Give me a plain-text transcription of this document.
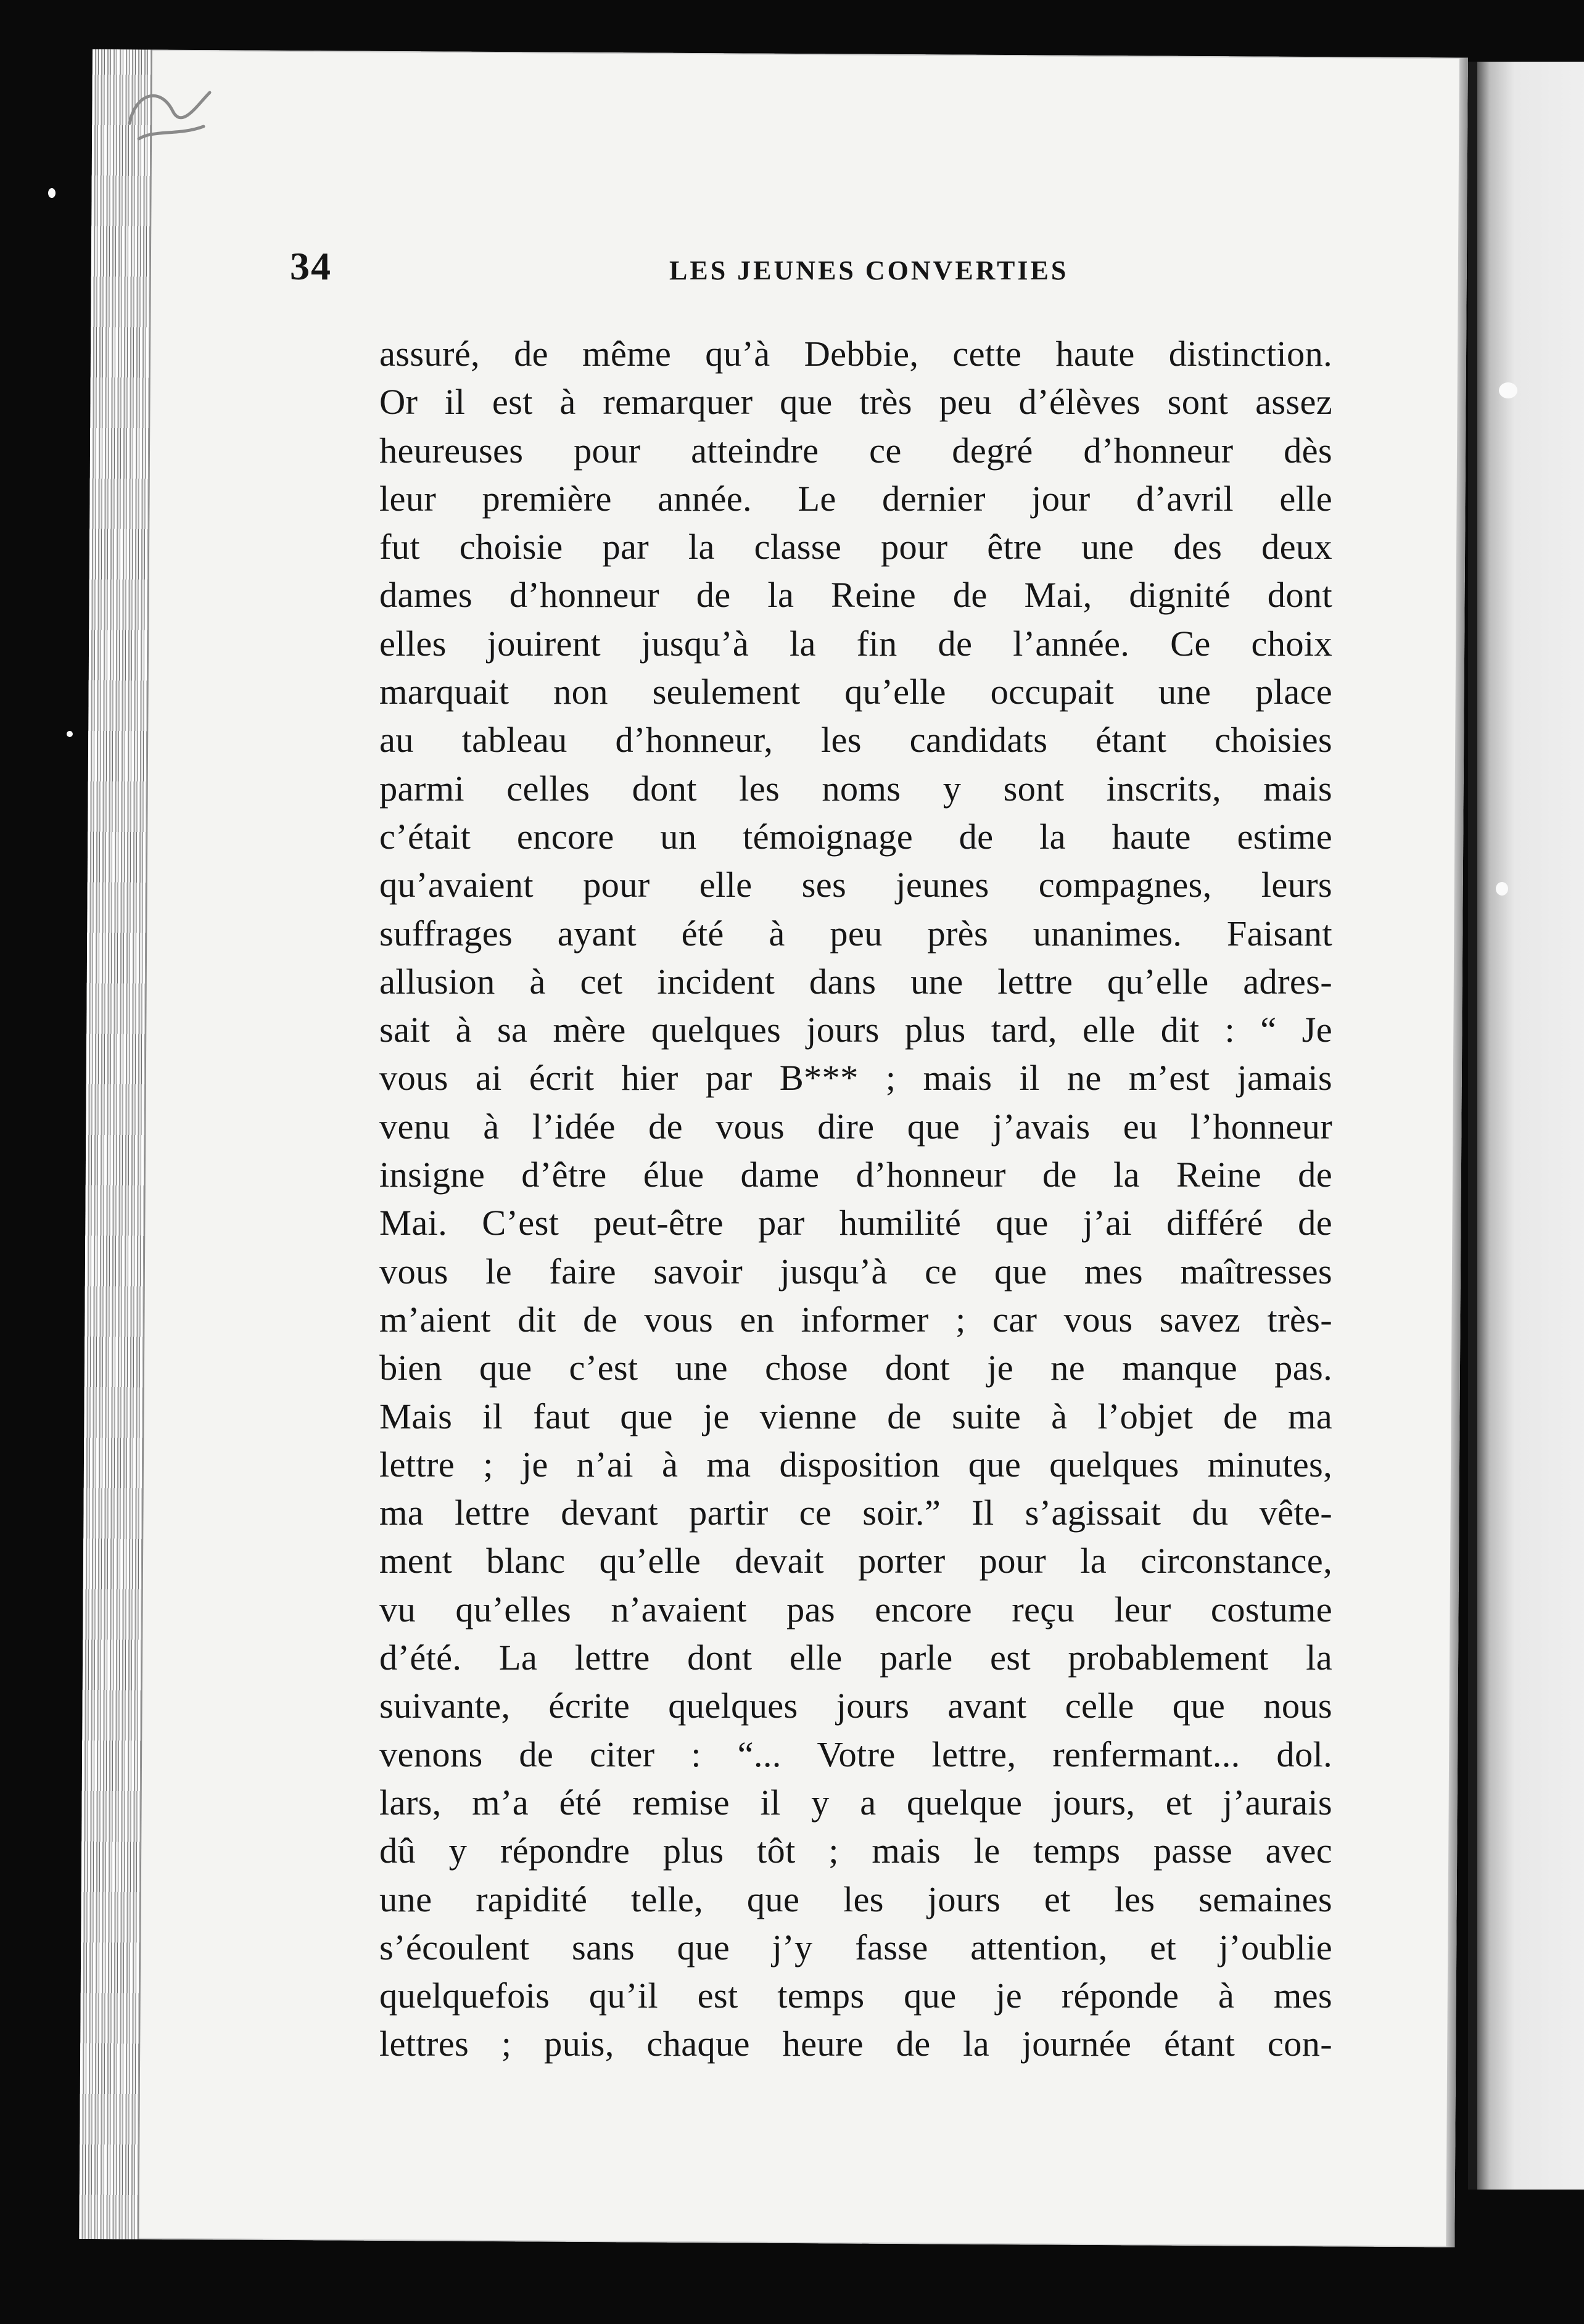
34	LES JEUNES CONVERTIES
assuré, de même qu’à Debbie, cette haute distinction.
Or il est à remarquer que très peu d’élèves sont assez
heureuses pour atteindre ce degré d’honneur dès
leur première année. Le dernier jour d’avril elle
fut choisie par la classe pour être une des deux
dames d’honneur de la Reine de Mai, dignité dont
elles jouirent jusqu’à la fin de l’année. Ce choix
marquait non seulement qu’elle occupait une place
au tableau d’honneur, les candidats étant choisies
parmi celles dont les noms y sont inscrits, mais
c’était encore un témoignage de la haute estime
qu’avaient pour elle ses jeunes compagnes, leurs
suffrages ayant été à peu près unanimes. Faisant
allusion à cet incident dans une lettre qu’elle adres-
sait à sa mère quelques jours plus tard, elle dit : “ Je
vous ai écrit hier par B*** ; mais il ne m’est jamais
venu à l’idée de vous dire que j’avais eu l’honneur
insigne d’être élue dame d’honneur de la Reine de
Mai. C’est peut-être par humilité que j’ai différé de
vous le faire savoir jusqu’à ce que mes maîtresses
m’aient dit de vous en informer ; car vous savez très-
bien que c’est une chose dont je ne manque pas.
Mais il faut que je vienne de suite à l’objet de ma
lettre ; je n’ai à ma disposition que quelques minutes,
ma lettre devant partir ce soir.” Il s’agissait du vête-
ment blanc qu’elle devait porter pour la circonstance,
vu qu’elles n’avaient pas encore reçu leur costume
d’été. La lettre dont elle parle est probablement la
suivante, écrite quelques jours avant celle que nous
venons de citer : “... Votre lettre, renfermant... dol.
lars, m’a été remise il y a quelque jours, et j’aurais
dû y répondre plus tôt ; mais le temps passe avec
une rapidité telle, que les jours et les semaines
s’écoulent sans que j’y fasse attention, et j’oublie
quelquefois qu’il est temps que je réponde à mes
lettres ; puis, chaque heure de la journée étant con-
